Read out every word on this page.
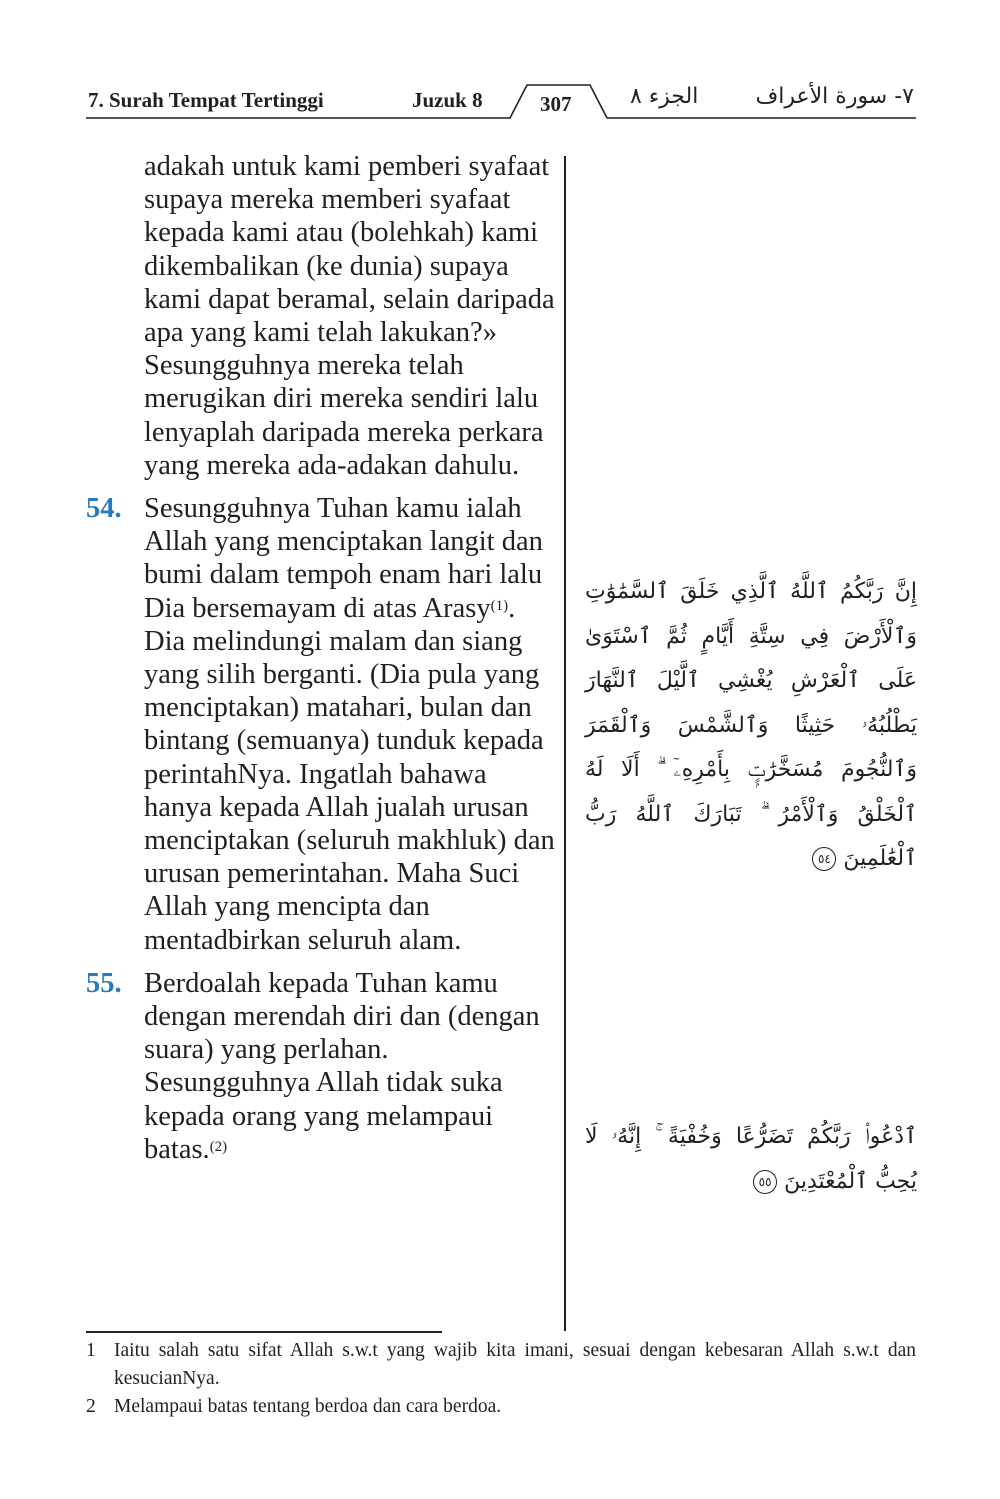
7. Surah Tempat Tertinggi	Juzuk 8	307	الجزء ٨	٧- سورة الأعراف
adakah untuk kami pemberi syafaat supaya mereka memberi syafaat kepada kami atau (bolehkah) kami dikembalikan (ke dunia) supaya kami dapat beramal, selain daripada apa yang kami telah lakukan?» Sesungguhnya mereka telah merugikan diri mereka sendiri lalu lenyaplah daripada mereka perkara yang mereka ada-adakan dahulu.
54. Sesungguhnya Tuhan kamu ialah Allah yang menciptakan langit dan bumi dalam tempoh enam hari lalu Dia bersemayam di atas Arasy$^{(1)}$. Dia melindungi malam dan siang yang silih berganti. (Dia pula yang menciptakan) matahari, bulan dan bintang (semuanya) tunduk kepada perintahNya. Ingatlah bahawa hanya kepada Allah jualah urusan menciptakan (seluruh makhluk) dan urusan pemerintahan. Maha Suci Allah yang mencipta dan mentadbirkan seluruh alam.
55. Berdoalah kepada Tuhan kamu dengan merendah diri dan (dengan suara) yang perlahan. Sesungguhnya Allah tidak suka kepada orang yang melampaui batas.$^{(2)}$
إِنَّ رَبَّكُمُ ٱللَّهُ ٱلَّذِي خَلَقَ ٱلسَّمَٰوَٰتِ وَٱلْأَرْضَ فِي سِتَّةِ أَيَّامٍ ثُمَّ ٱسْتَوَىٰ عَلَى ٱلْعَرْشِ يُغْشِي ٱلَّيْلَ ٱلنَّهَارَ يَطْلُبُهُۥ حَثِيثًا وَٱلشَّمْسَ وَٱلْقَمَرَ وَٱلنُّجُومَ مُسَخَّرَٰتٍۭ بِأَمْرِهِۦٓ ۗ أَلَا لَهُ ٱلْخَلْقُ وَٱلْأَمْرُ ۗ تَبَارَكَ ٱللَّهُ رَبُّ ٱلْعَٰلَمِينَ ٥٤
ٱدْعُوا۟ رَبَّكُمْ تَضَرُّعًا وَخُفْيَةً ۚ إِنَّهُۥ لَا يُحِبُّ ٱلْمُعْتَدِينَ ٥٥
1 Iaitu salah satu sifat Allah s.w.t yang wajib kita imani, sesuai dengan kebesaran Allah s.w.t dan kesucianNya.
2 Melampaui batas tentang berdoa dan cara berdoa.
